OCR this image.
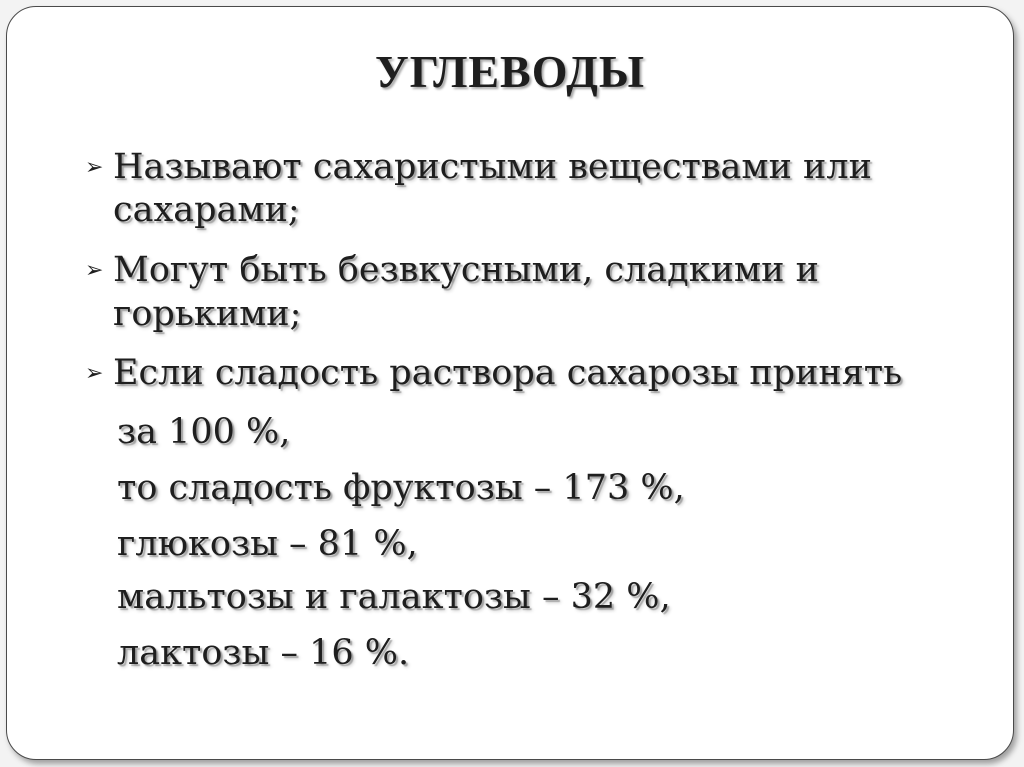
УГЛЕВОДЫ
➢ Называют сахаристыми веществами или
сахарами;
➢ Могут быть безвкусными, сладкими и
горькими;
➢ Если сладость раствора сахарозы принять
за 100 %,
то сладость фруктозы – 173 %,
глюкозы – 81 %,
мальтозы и галактозы – 32 %,
лактозы – 16 %.
